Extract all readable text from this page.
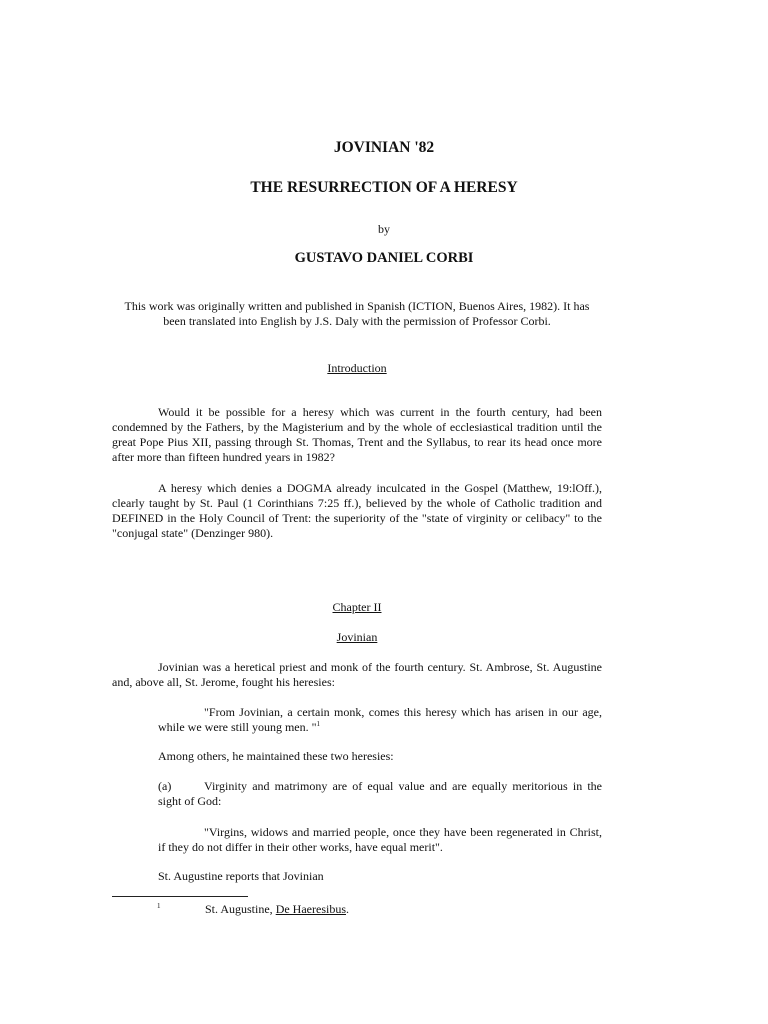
JOVINIAN '82
THE RESURRECTION OF A HERESY
by
GUSTAVO DANIEL CORBI

This work was originally written and published in Spanish (ICTION, Buenos Aires, 1982). It has been translated into English by J.S. Daly with the permission of Professor Corbi.

Introduction

Would it be possible for a heresy which was current in the fourth century, had been condemned by the Fathers, by the Magisterium and by the whole of ecclesiastical tradition until the great Pope Pius XII, passing through St. Thomas, Trent and the Syllabus, to rear its head once more after more than fifteen hundred years in 1982?

A heresy which denies a DOGMA already inculcated in the Gospel (Matthew, 19:lOff.), clearly taught by St. Paul (1 Corinthians 7:25 ff.), believed by the whole of Catholic tradition and DEFINED in the Holy Council of Trent: the superiority of the "state of virginity or celibacy" to the "conjugal state" (Denzinger 980).

Chapter II
Jovinian

Jovinian was a heretical priest and monk of the fourth century. St. Ambrose, St. Augustine and, above all, St. Jerome, fought his heresies:

"From Jovinian, a certain monk, comes this heresy which has arisen in our age, while we were still young men. "$^1$

Among others, he maintained these two heresies:

(a)	Virginity and matrimony are of equal value and are equally meritorious in the sight of God:

"Virgins, widows and married people, once they have been regenerated in Christ, if they do not differ in their other works, have equal merit".

St. Augustine reports that Jovinian

1	St. Augustine, De Haeresibus.
